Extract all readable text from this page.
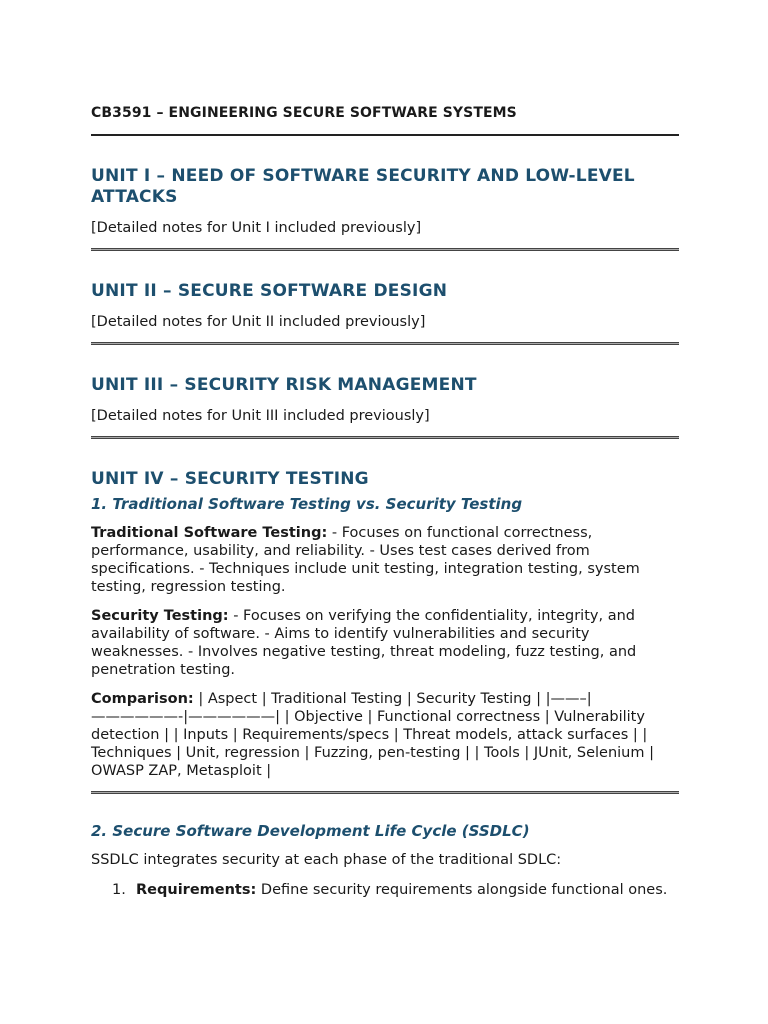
CB3591 – ENGINEERING SECURE SOFTWARE SYSTEMS
UNIT I – NEED OF SOFTWARE SECURITY AND LOW-LEVEL ATTACKS

[Detailed notes for Unit I included previously]

UNIT II – SECURE SOFTWARE DESIGN

[Detailed notes for Unit II included previously]

UNIT III – SECURITY RISK MANAGEMENT

[Detailed notes for Unit III included previously]

UNIT IV – SECURITY TESTING
1. Traditional Software Testing vs. Security Testing

Traditional Software Testing: - Focuses on functional correctness, performance, usability, and reliability. - Uses test cases derived from specifications. - Techniques include unit testing, integration testing, system testing, regression testing.

Security Testing: - Focuses on verifying the confidentiality, integrity, and availability of software. - Aims to identify vulnerabilities and security weaknesses. - Involves negative testing, threat modeling, fuzz testing, and penetration testing.

Comparison: | Aspect | Traditional Testing | Security Testing | |——–| ——————-|——————| | Objective | Functional correctness | Vulnerability detection | | Inputs | Requirements/specs | Threat models, attack surfaces | | Techniques | Unit, regression | Fuzzing, pen-testing | | Tools | JUnit, Selenium | OWASP ZAP, Metasploit |

2. Secure Software Development Life Cycle (SSDLC)

SSDLC integrates security at each phase of the traditional SDLC:

1. Requirements: Define security requirements alongside functional ones.
